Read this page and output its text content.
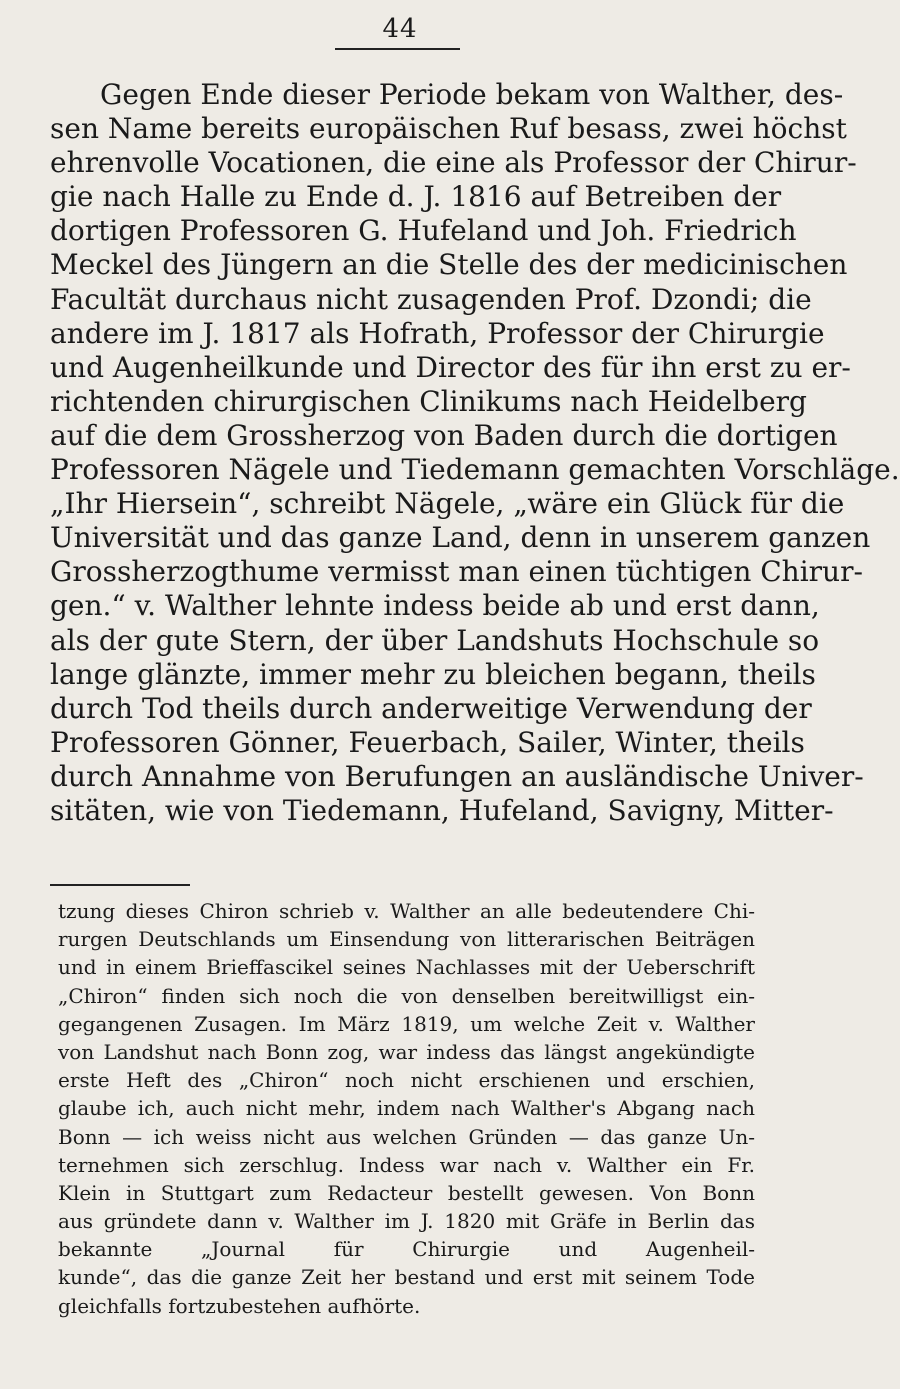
44
Gegen Ende dieser Periode bekam von Walther, des-
sen Name bereits europäischen Ruf besass, zwei höchst
ehrenvolle Vocationen, die eine als Professor der Chirur-
gie nach Halle zu Ende d. J. 1816 auf Betreiben der
dortigen Professoren G. Hufeland und Joh. Friedrich
Meckel des Jüngern an die Stelle des der medicinischen
Facultät durchaus nicht zusagenden Prof. Dzondi; die
andere im J. 1817 als Hofrath, Professor der Chirurgie
und Augenheilkunde und Director des für ihn erst zu er-
richtenden chirurgischen Clinikums nach Heidelberg
auf die dem Grossherzog von Baden durch die dortigen
Professoren Nägele und Tiedemann gemachten Vorschläge.
„Ihr Hiersein“, schreibt Nägele, „wäre ein Glück für die
Universität und das ganze Land, denn in unserem ganzen
Grossherzogthume vermisst man einen tüchtigen Chirur-
gen.“ v. Walther lehnte indess beide ab und erst dann,
als der gute Stern, der über Landshuts Hochschule so
lange glänzte, immer mehr zu bleichen begann, theils
durch Tod theils durch anderweitige Verwendung der
Professoren Gönner, Feuerbach, Sailer, Winter, theils
durch Annahme von Berufungen an ausländische Univer-
sitäten, wie von Tiedemann, Hufeland, Savigny, Mitter-
tzung dieses Chiron schrieb v. Walther an alle bedeutendere Chi-
rurgen Deutschlands um Einsendung von litterarischen Beiträgen
und in einem Brieffascikel seines Nachlasses mit der Ueberschrift
„Chiron“ finden sich noch die von denselben bereitwilligst ein-
gegangenen Zusagen. Im März 1819, um welche Zeit v. Walther
von Landshut nach Bonn zog, war indess das längst angekündigte
erste Heft des „Chiron“ noch nicht erschienen und erschien,
glaube ich, auch nicht mehr, indem nach Walther's Abgang nach
Bonn — ich weiss nicht aus welchen Gründen — das ganze Un-
ternehmen sich zerschlug. Indess war nach v. Walther ein Fr.
Klein in Stuttgart zum Redacteur bestellt gewesen. Von Bonn
aus gründete dann v. Walther im J. 1820 mit Gräfe in Berlin das
bekannte „Journal für Chirurgie und Augenheil-
kunde“, das die ganze Zeit her bestand und erst mit seinem Tode
gleichfalls fortzubestehen aufhörte.
